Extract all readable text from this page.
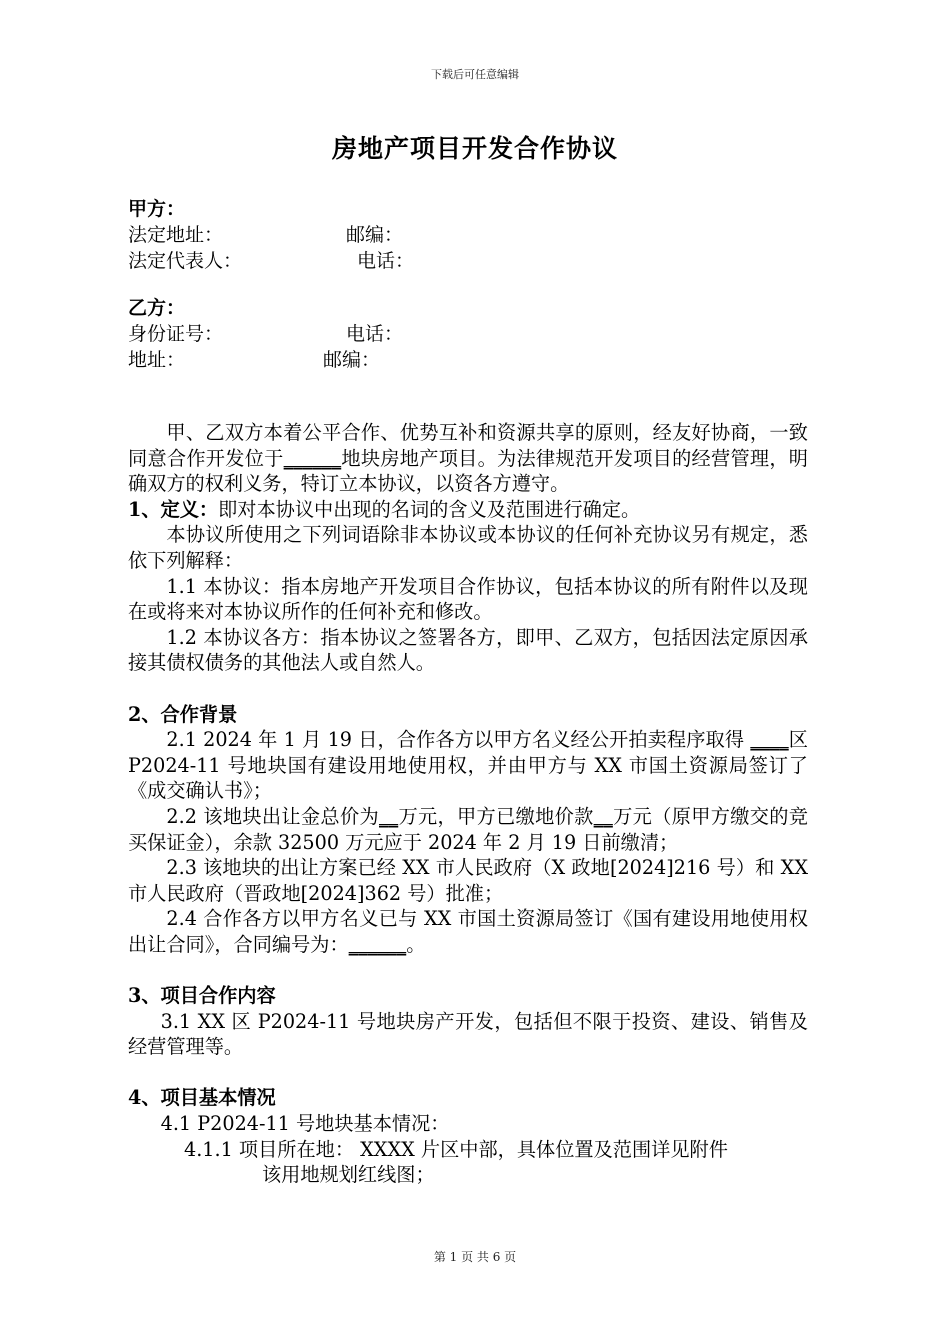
下载后可任意编辑
房地产项目开发合作协议
甲方：
法定地址：	邮编：
法定代表人：	电话：
乙方：
身份证号：	电话：
地址：	邮编：

甲、乙双方本着公平合作、优势互补和资源共享的原则，经友好协商，一致同意合作开发位于______地块房地产项目。为法律规范开发项目的经营管理，明确双方的权利义务，特订立本协议，以资各方遵守。

1、定义：即对本协议中出现的名词的含义及范围进行确定。

本协议所使用之下列词语除非本协议或本协议的任何补充协议另有规定，悉依下列解释：

1.1 本协议：指本房地产开发项目合作协议，包括本协议的所有附件以及现在或将来对本协议所作的任何补充和修改。

1.2 本协议各方：指本协议之签署各方，即甲、乙双方，包括因法定原因承接其债权债务的其他法人或自然人。

2、合作背景

2.1 2024 年 1 月 19 日，合作各方以甲方名义经公开拍卖程序取得 ____区 P2024-11 号地块国有建设用地使用权，并由甲方与 XX 市国土资源局签订了《成交确认书》；

2.2 该地块出让金总价为__万元，甲方已缴地价款__万元（原甲方缴交的竞买保证金），余款 32500 万元应于 2024 年 2 月 19 日前缴清；

2.3 该地块的出让方案已经 XX 市人民政府（X 政地[2024]216 号）和 XX 市人民政府（晋政地[2024]362 号）批准；

2.4 合作各方以甲方名义已与 XX 市国土资源局签订《国有建设用地使用权出让合同》，合同编号为：______。

3、项目合作内容

3.1 XX 区 P2024-11 号地块房产开发，包括但不限于投资、建设、销售及经营管理等。

4、项目基本情况

4.1 P2024-11 号地块基本情况：

4.1.1 项目所在地： XXXX 片区中部，具体位置及范围详见附件

该用地规划红线图；

第 1 页 共 6 页
